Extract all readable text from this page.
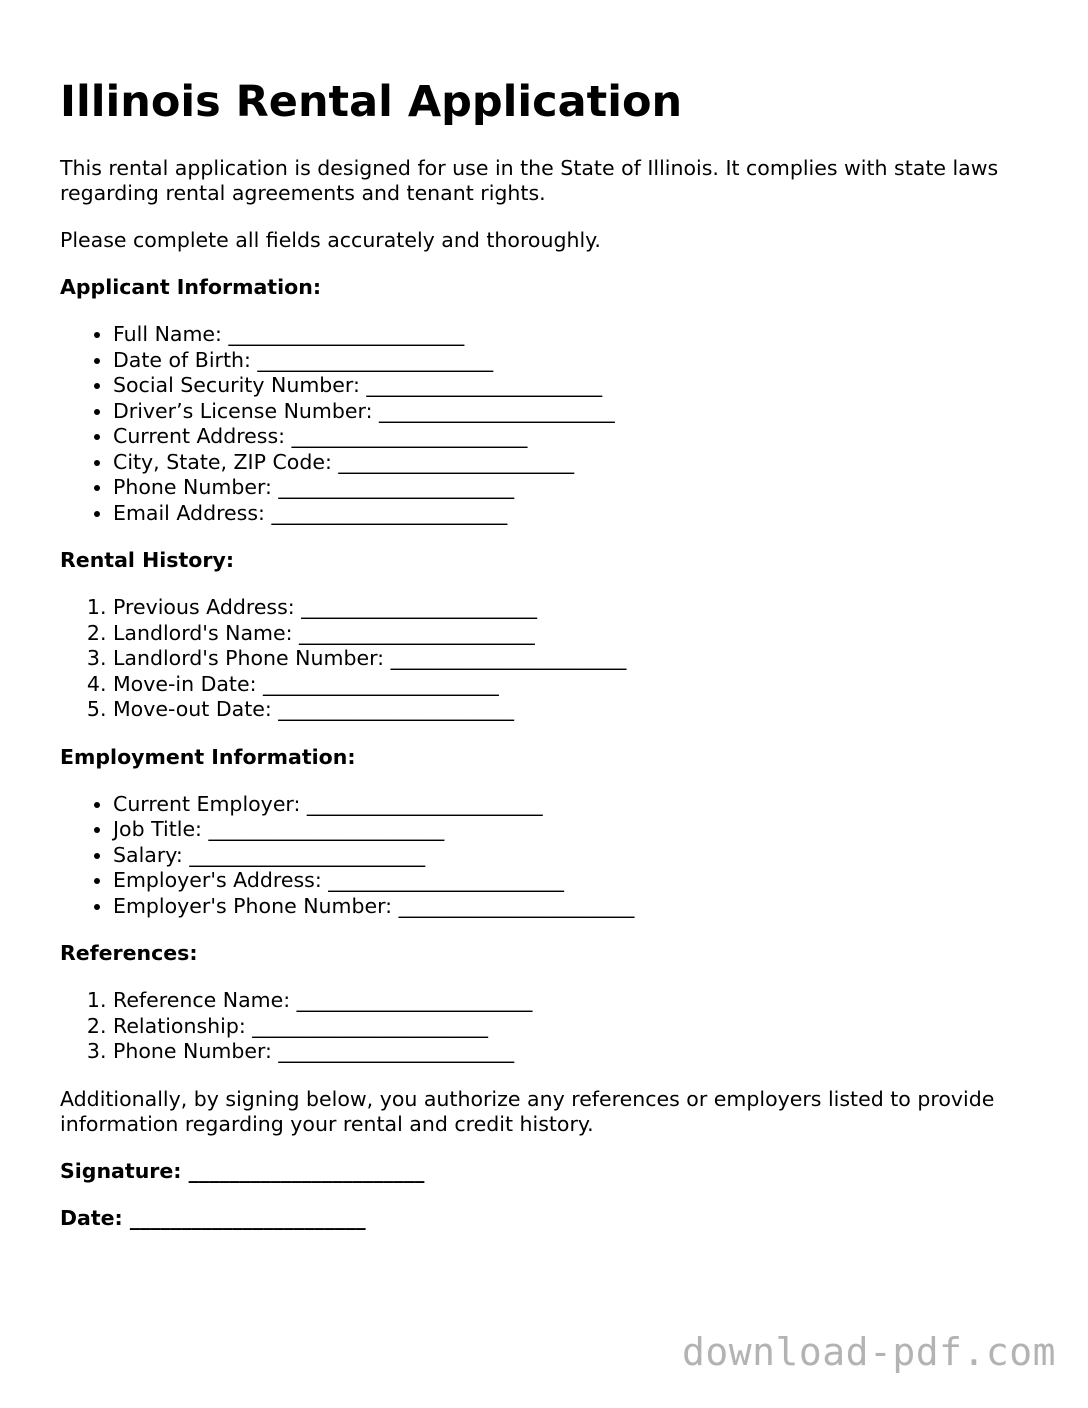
Illinois Rental Application

This rental application is designed for use in the State of Illinois. It complies with state laws regarding rental agreements and tenant rights.

Please complete all fields accurately and thoroughly.

Applicant Information:
• Full Name: _______________________
• Date of Birth: _______________________
• Social Security Number: _______________________
• Driver’s License Number: _______________________
• Current Address: _______________________
• City, State, ZIP Code: _______________________
• Phone Number: _______________________
• Email Address: _______________________
Rental History:
1. Previous Address: _______________________
2. Landlord's Name: _______________________
3. Landlord's Phone Number: _______________________
4. Move-in Date: _______________________
5. Move-out Date: _______________________
Employment Information:
• Current Employer: _______________________
• Job Title: _______________________
• Salary: _______________________
• Employer's Address: _______________________
• Employer's Phone Number: _______________________
References:
1. Reference Name: _______________________
2. Relationship: _______________________
3. Phone Number: _______________________

Additionally, by signing below, you authorize any references or employers listed to provide information regarding your rental and credit history.

Signature: _______________________
Date: _______________________
download-pdf.com
